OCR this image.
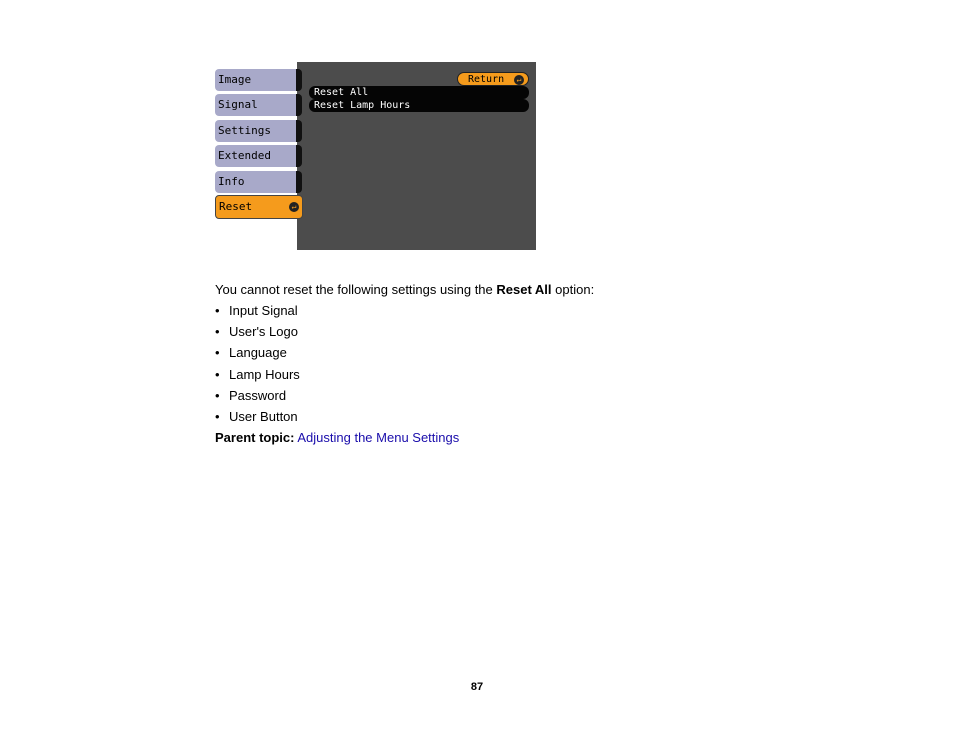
Image
Signal
Settings
Extended
Info
Reset	↵
Return	↵
Reset All
Reset Lamp Hours
You cannot reset the following settings using the Reset All option:
• Input Signal
• User's Logo
• Language
• Lamp Hours
• Password
• User Button
Parent topic: Adjusting the Menu Settings
87
